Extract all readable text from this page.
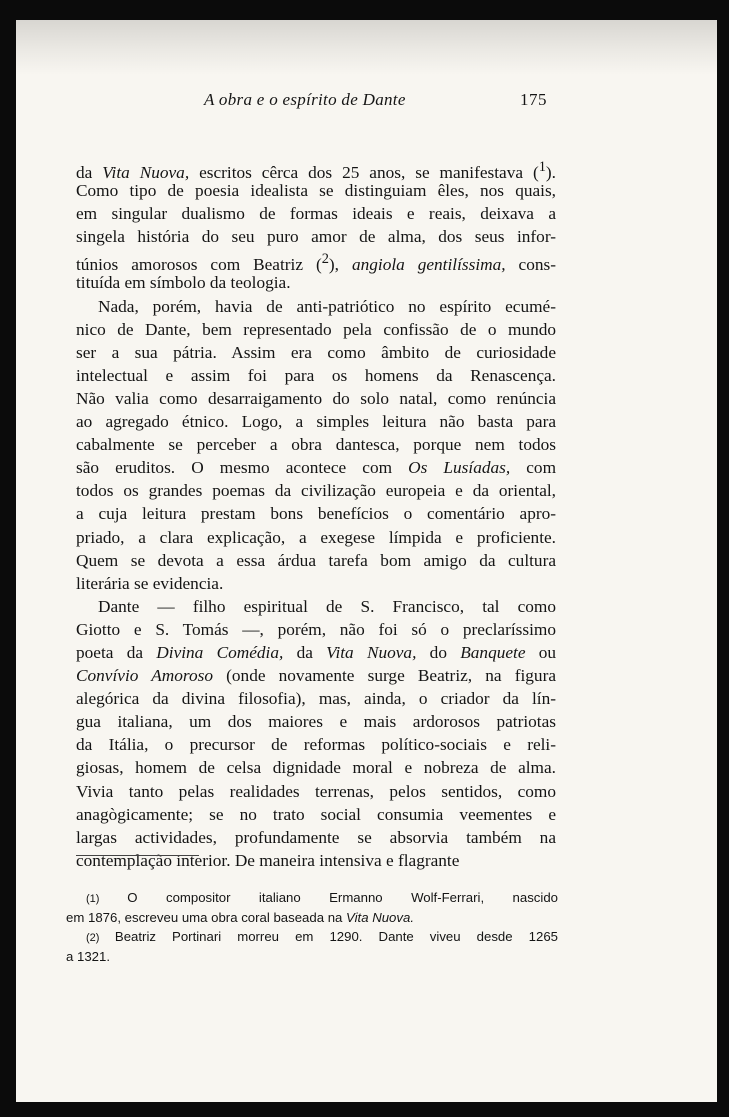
A obra e o espírito de Dante	175
da Vita Nuova, escritos cêrca dos 25 anos, se manifestava ($^1$).
Como tipo de poesia idealista se distinguiam êles, nos quais,
em singular dualismo de formas ideais e reais, deixava a
singela história do seu puro amor de alma, dos seus infor-
túnios amorosos com Beatriz ($^2$), angiola gentilíssima, cons-
tituída em símbolo da teologia.
Nada, porém, havia de anti-patriótico no espírito ecumé-
nico de Dante, bem representado pela confissão de o mundo
ser a sua pátria. Assim era como âmbito de curiosidade
intelectual e assim foi para os homens da Renascença.
Não valia como desarraigamento do solo natal, como renúncia
ao agregado étnico. Logo, a simples leitura não basta para
cabalmente se perceber a obra dantesca, porque nem todos
são eruditos. O mesmo acontece com Os Lusíadas, com
todos os grandes poemas da civilização europeia e da oriental,
a cuja leitura prestam bons benefícios o comentário apro-
priado, a clara explicação, a exegese límpida e proficiente.
Quem se devota a essa árdua tarefa bom amigo da cultura
literária se evidencia.
Dante — filho espiritual de S. Francisco, tal como
Giotto e S. Tomás —, porém, não foi só o preclaríssimo
poeta da Divina Comédia, da Vita Nuova, do Banquete ou
Convívio Amoroso (onde novamente surge Beatriz, na figura
alegórica da divina filosofia), mas, ainda, o criador da lín-
gua italiana, um dos maiores e mais ardorosos patriotas
da Itália, o precursor de reformas político-sociais e reli-
giosas, homem de celsa dignidade moral e nobreza de alma.
Vivia tanto pelas realidades terrenas, pelos sentidos, como
anagògicamente; se no trato social consumia veementes e
largas actividades, profundamente se absorvia também na
contemplação interior. De maneira intensiva e flagrante
(1) O compositor italiano Ermanno Wolf-Ferrari, nascido
em 1876, escreveu uma obra coral baseada na Vita Nuova.
(2) Beatriz Portinari morreu em 1290. Dante viveu desde 1265
a 1321.
